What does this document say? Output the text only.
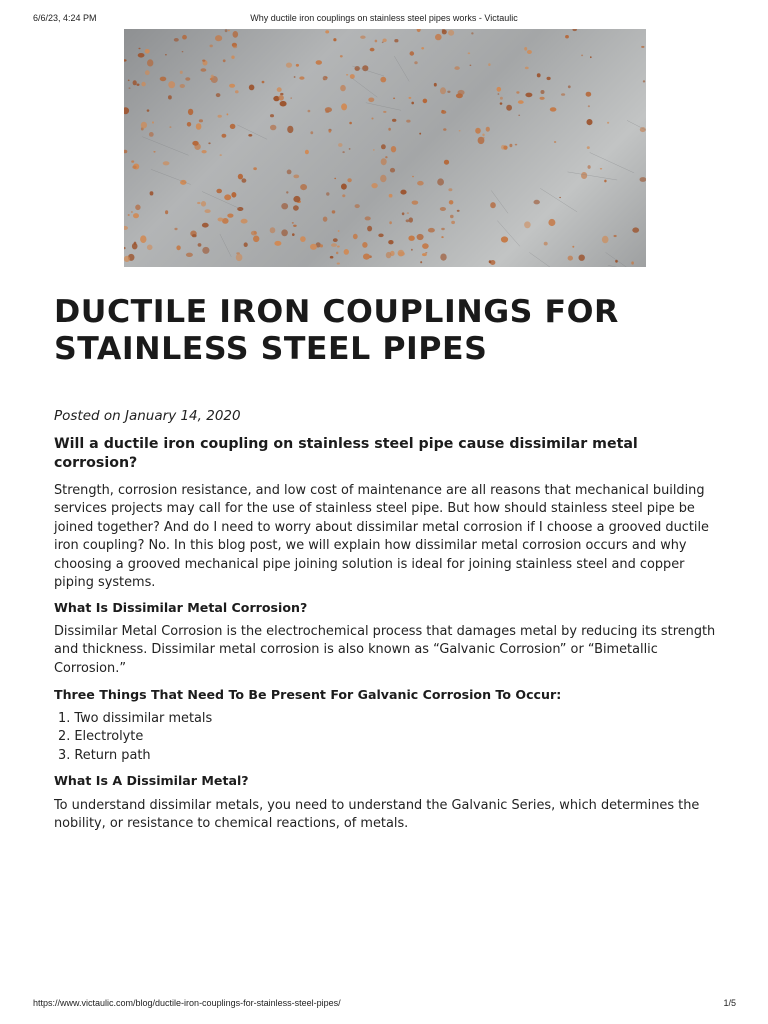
6/6/23, 4:24 PM	Why ductile iron couplings on stainless steel pipes works - Victaulic
DUCTILE IRON COUPLINGS FOR
STAINLESS STEEL PIPES

Posted on January 14, 2020

Will a ductile iron coupling on stainless steel pipe cause dissimilar metal corrosion?

Strength, corrosion resistance, and low cost of maintenance are all reasons that mechanical building services projects may call for the use of stainless steel pipe. But how should stainless steel pipe be joined together? And do I need to worry about dissimilar metal corrosion if I choose a grooved ductile iron coupling? No. In this blog post, we will explain how dissimilar metal corrosion occurs and why choosing a grooved mechanical pipe joining solution is ideal for joining stainless steel and copper piping systems.

What Is Dissimilar Metal Corrosion?

Dissimilar Metal Corrosion is the electrochemical process that damages metal by reducing its strength and thickness. Dissimilar metal corrosion is also known as “Galvanic Corrosion” or “Bimetallic Corrosion.”

Three Things That Need To Be Present For Galvanic Corrosion To Occur:

1. Two dissimilar metals
2. Electrolyte
3. Return path

What Is A Dissimilar Metal?

To understand dissimilar metals, you need to understand the Galvanic Series, which determines the nobility, or resistance to chemical reactions, of metals.

https://www.victaulic.com/blog/ductile-iron-couplings-for-stainless-steel-pipes/	1/5
